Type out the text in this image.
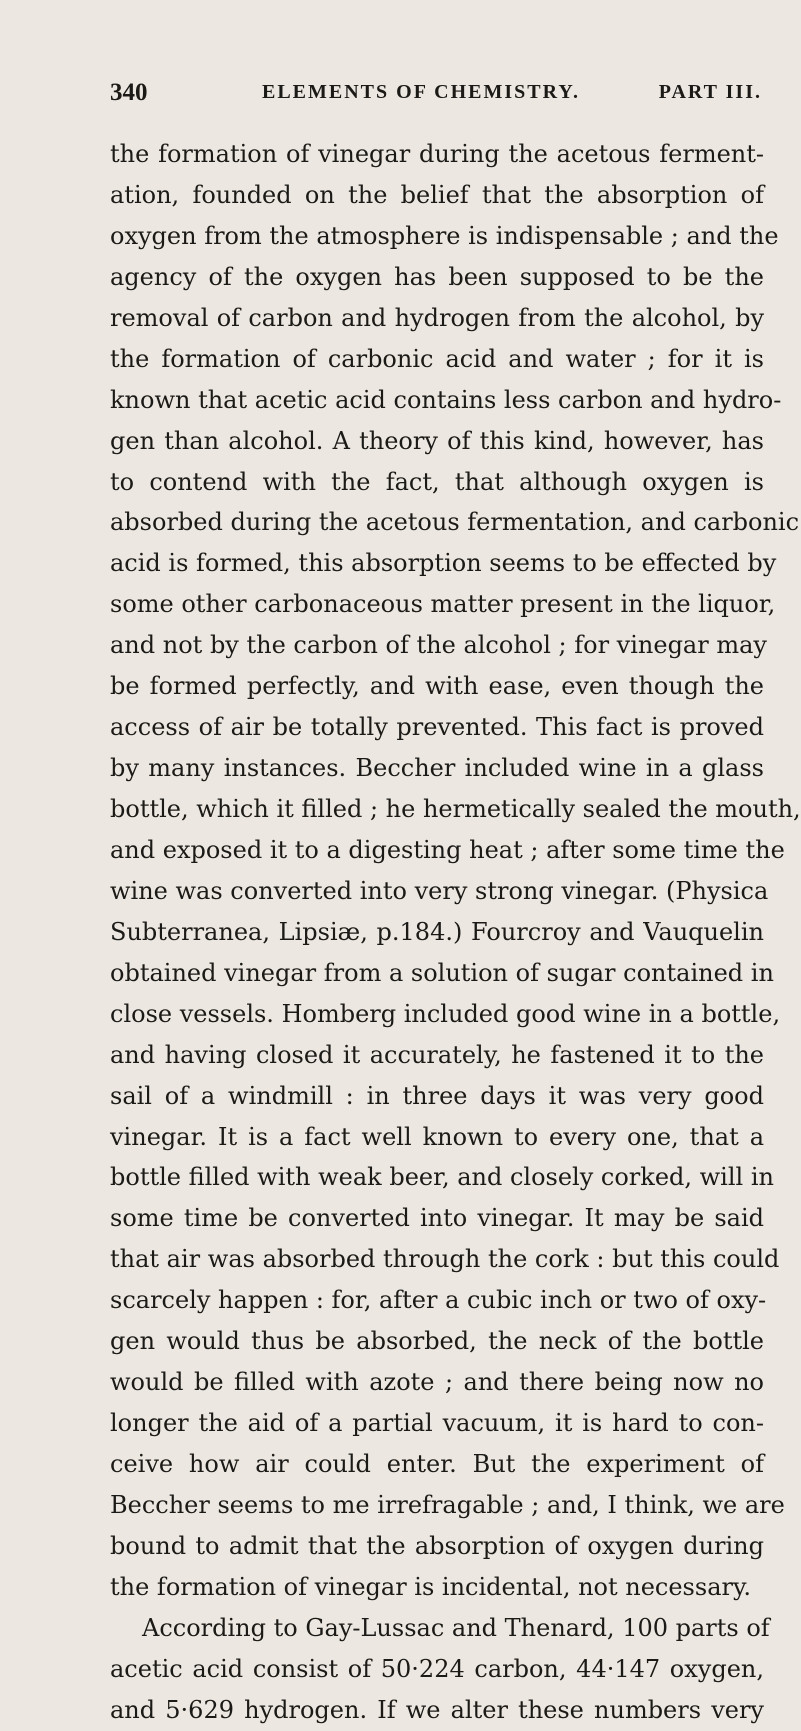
340	ELEMENTS OF CHEMISTRY.	PART III.
the formation of vinegar during the acetous ferment-
ation, founded on the belief that the absorption of
oxygen from the atmosphere is indispensable ; and the
agency of the oxygen has been supposed to be the
removal of carbon and hydrogen from the alcohol, by
the formation of carbonic acid and water ; for it is
known that acetic acid contains less carbon and hydro-
gen than alcohol. A theory of this kind, however, has
to contend with the fact, that although oxygen is
absorbed during the acetous fermentation, and carbonic
acid is formed, this absorption seems to be effected by
some other carbonaceous matter present in the liquor,
and not by the carbon of the alcohol ; for vinegar may
be formed perfectly, and with ease, even though the
access of air be totally prevented. This fact is proved
by many instances. Beccher included wine in a glass
bottle, which it filled ; he hermetically sealed the mouth,
and exposed it to a digesting heat ; after some time the
wine was converted into very strong vinegar. (Physica
Subterranea, Lipsiæ, p.184.) Fourcroy and Vauquelin
obtained vinegar from a solution of sugar contained in
close vessels. Homberg included good wine in a bottle,
and having closed it accurately, he fastened it to the
sail of a windmill : in three days it was very good
vinegar. It is a fact well known to every one, that a
bottle filled with weak beer, and closely corked, will in
some time be converted into vinegar. It may be said
that air was absorbed through the cork : but this could
scarcely happen : for, after a cubic inch or two of oxy-
gen would thus be absorbed, the neck of the bottle
would be filled with azote ; and there being now no
longer the aid of a partial vacuum, it is hard to con-
ceive how air could enter. But the experiment of
Beccher seems to me irrefragable ; and, I think, we are
bound to admit that the absorption of oxygen during
the formation of vinegar is incidental, not necessary.
According to Gay-Lussac and Thenard, 100 parts of
acetic acid consist of 50·224 carbon, 44·147 oxygen,
and 5·629 hydrogen. If we alter these numbers very
